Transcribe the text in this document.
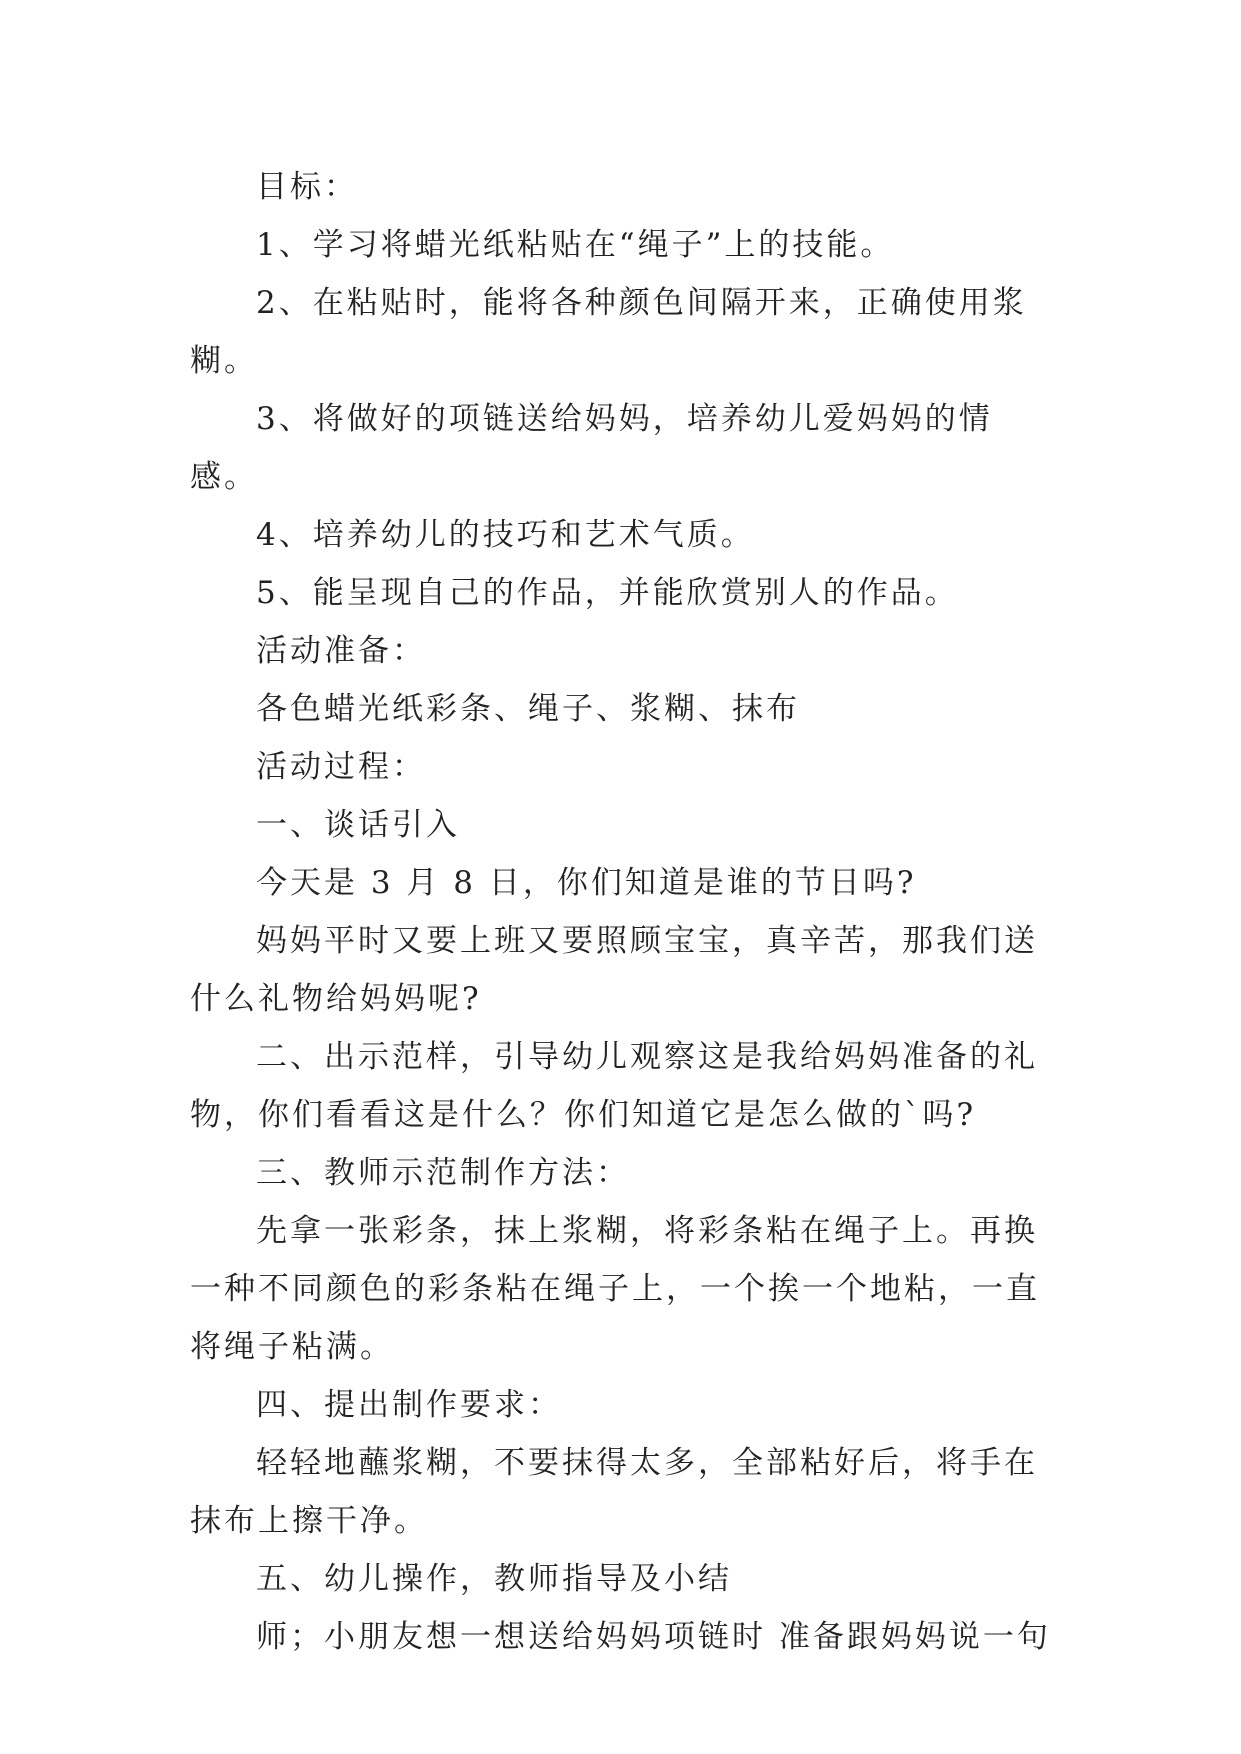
目标：

1、学习将蜡光纸粘贴在“绳子”上的技能。

2、在粘贴时，能将各种颜色间隔开来，正确使用浆糊。

3、将做好的项链送给妈妈，培养幼儿爱妈妈的情感。

4、培养幼儿的技巧和艺术气质。

5、能呈现自己的作品，并能欣赏别人的作品。

活动准备：

各色蜡光纸彩条、绳子、浆糊、抹布

活动过程：

一、谈话引入

今天是 3 月 8 日，你们知道是谁的节日吗?

妈妈平时又要上班又要照顾宝宝，真辛苦，那我们送什么礼物给妈妈呢?

二、出示范样，引导幼儿观察这是我给妈妈准备的礼物，你们看看这是什么？你们知道它是怎么做的`吗?

三、教师示范制作方法：

先拿一张彩条，抹上浆糊，将彩条粘在绳子上。再换一种不同颜色的彩条粘在绳子上，一个挨一个地粘，一直将绳子粘满。

四、提出制作要求：

轻轻地蘸浆糊，不要抹得太多，全部粘好后，将手在抹布上擦干净。

五、幼儿操作，教师指导及小结

师；小朋友想一想送给妈妈项链时 准备跟妈妈说一句
